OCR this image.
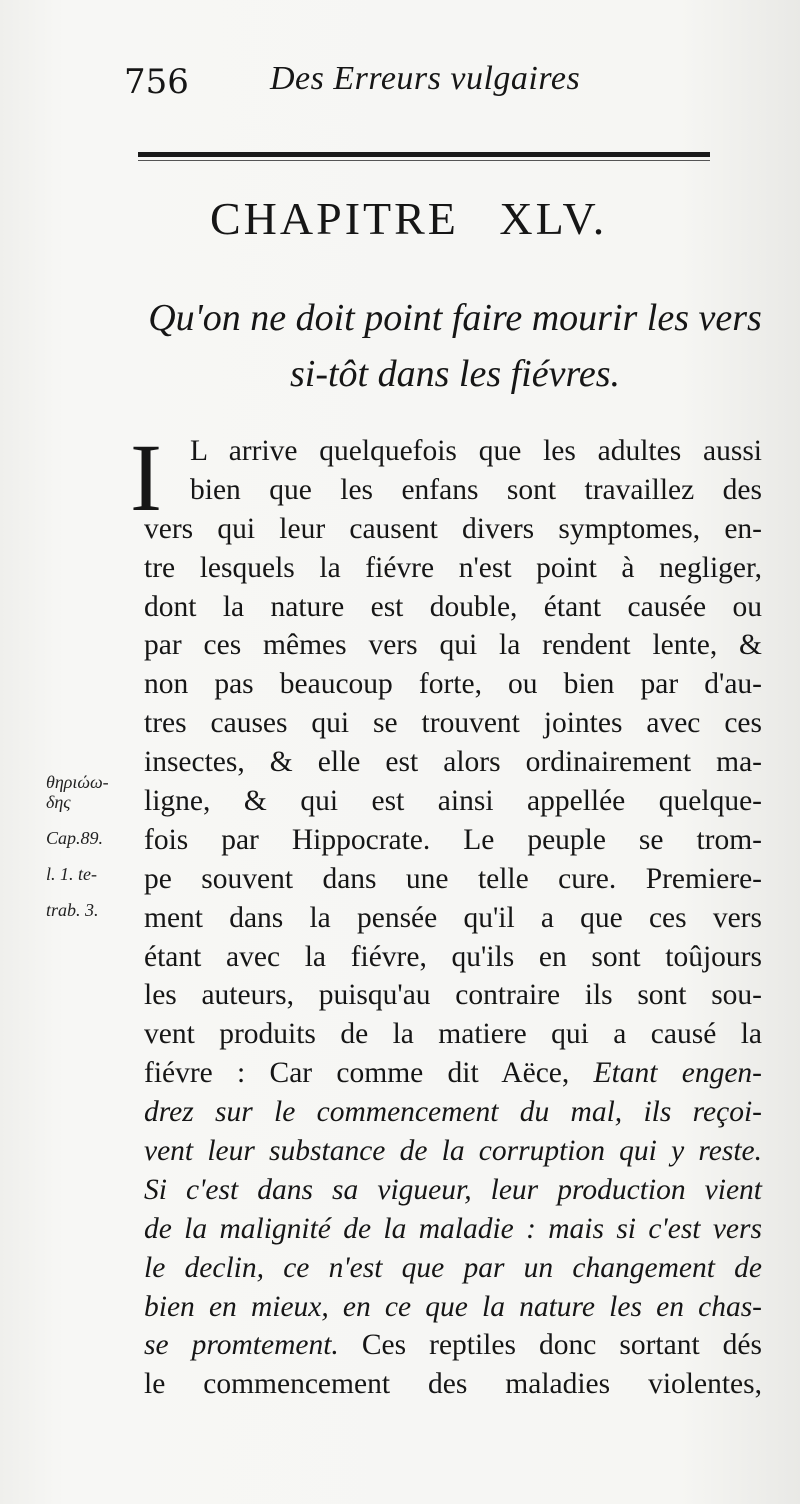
756 Des Erreurs vulgaires
CHAPITRE XLV.
Qu'on ne doit point faire mourir les vers
si-tôt dans les fiévres.
I
θηριώω-
δης
Cap.89.
l. 1. te-
trab. 3.
L arrive quelquefois que les adultes aussi
bien que les enfans sont travaillez des
vers qui leur causent divers symptomes, en-
tre lesquels la fiévre n'est point à negliger,
dont la nature est double, étant causée ou
par ces mêmes vers qui la rendent lente, &
non pas beaucoup forte, ou bien par d'au-
tres causes qui se trouvent jointes avec ces
insectes, & elle est alors ordinairement ma-
ligne, & qui est ainsi appellée quelque-
fois par Hippocrate. Le peuple se trom-
pe souvent dans une telle cure. Premiere-
ment dans la pensée qu'il a que ces vers
étant avec la fiévre, qu'ils en sont toûjours
les auteurs, puisqu'au contraire ils sont sou-
vent produits de la matiere qui a causé la
fiévre : Car comme dit Aëce, Etant engen-
drez sur le commencement du mal, ils reçoi-
vent leur substance de la corruption qui y reste.
Si c'est dans sa vigueur, leur production vient
de la malignité de la maladie : mais si c'est vers
le declin, ce n'est que par un changement de
bien en mieux, en ce que la nature les en chas-
se promtement. Ces reptiles donc sortant dés
le commencement des maladies violentes,
